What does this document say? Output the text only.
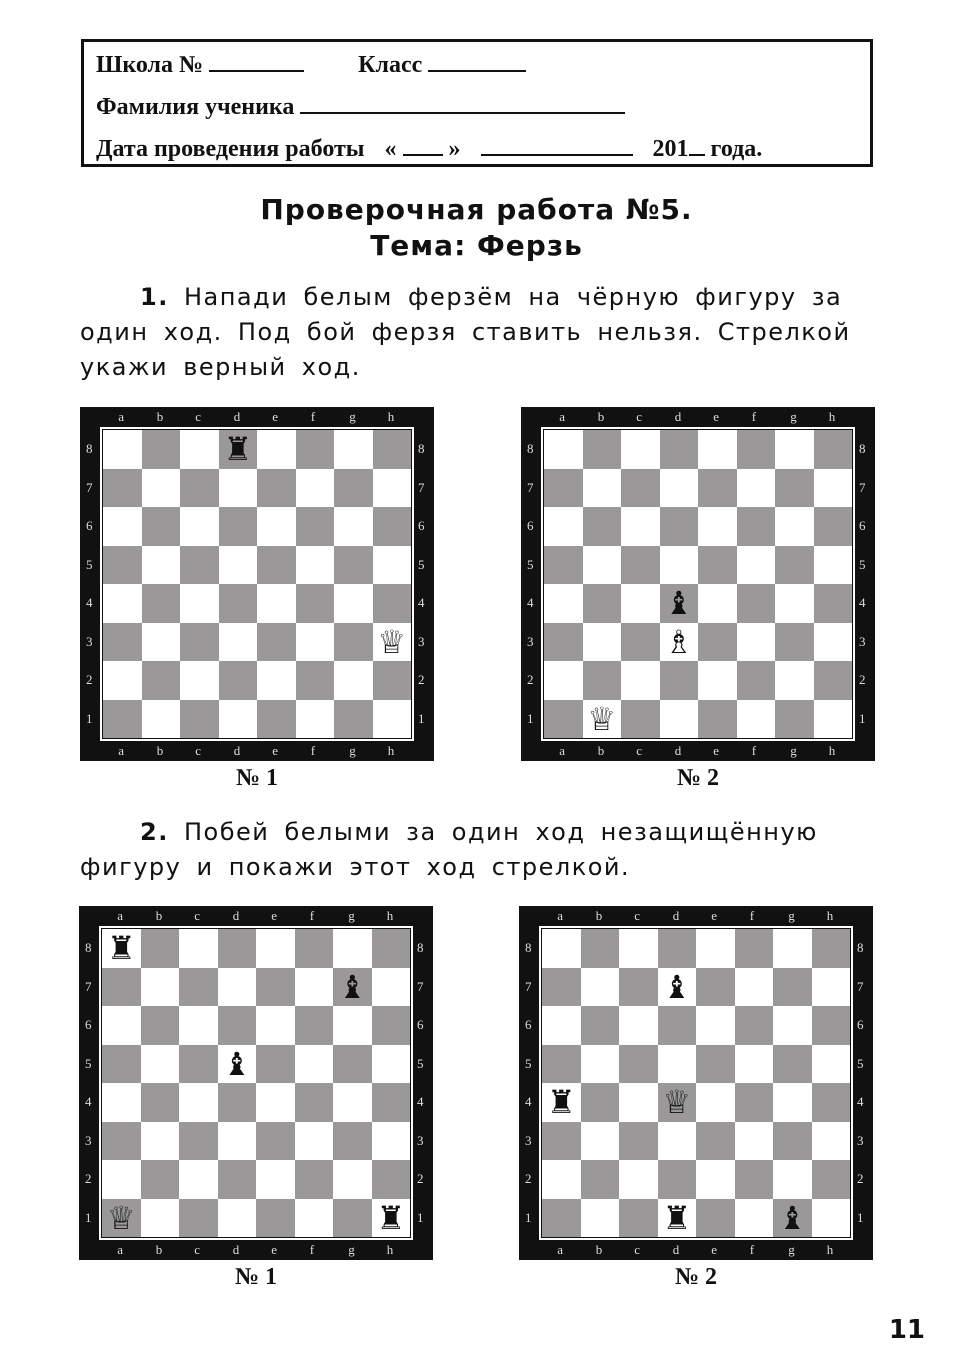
Школа №	Класс
Фамилия ученика
Дата проведения работы « »	201 года.
Проверочная работа №5.
Тема: Ферзь
1. Напади белым ферзём на чёрную фигуру за один ход. Под бой ферзя ставить нельзя. Стрелкой укажи верный ход.
2. Побей белыми за один ход незащищённую фигуру и покажи этот ход стрелкой.
♜
♕
a
a
b
b
c
c
d
d
e
e
f
f
g
g
h
h
8	8
7	7
6	6
5	5
4	4
3	3
2	2
1	1
♝
♗
♕
a
a
b
b
c
c
d
d
e
e
f
f
g
g
h
h
8	8
7	7
6	6
5	5
4	4
3	3
2	2
1	1
♜
♝
♝
♕	♜
a
a
b
b
c
c
d
d
e
e
f
f
g
g
h
h
8	8
7	7
6	6
5	5
4	4
3	3
2	2
1	1
♝
♜	♕
♜	♝
a
a
b
b
c
c
d
d
e
e
f
f
g
g
h
h
8	8
7	7
6	6
5	5
4	4
3	3
2	2
1	1
№ 1	№ 2
№ 1	№ 2
11
